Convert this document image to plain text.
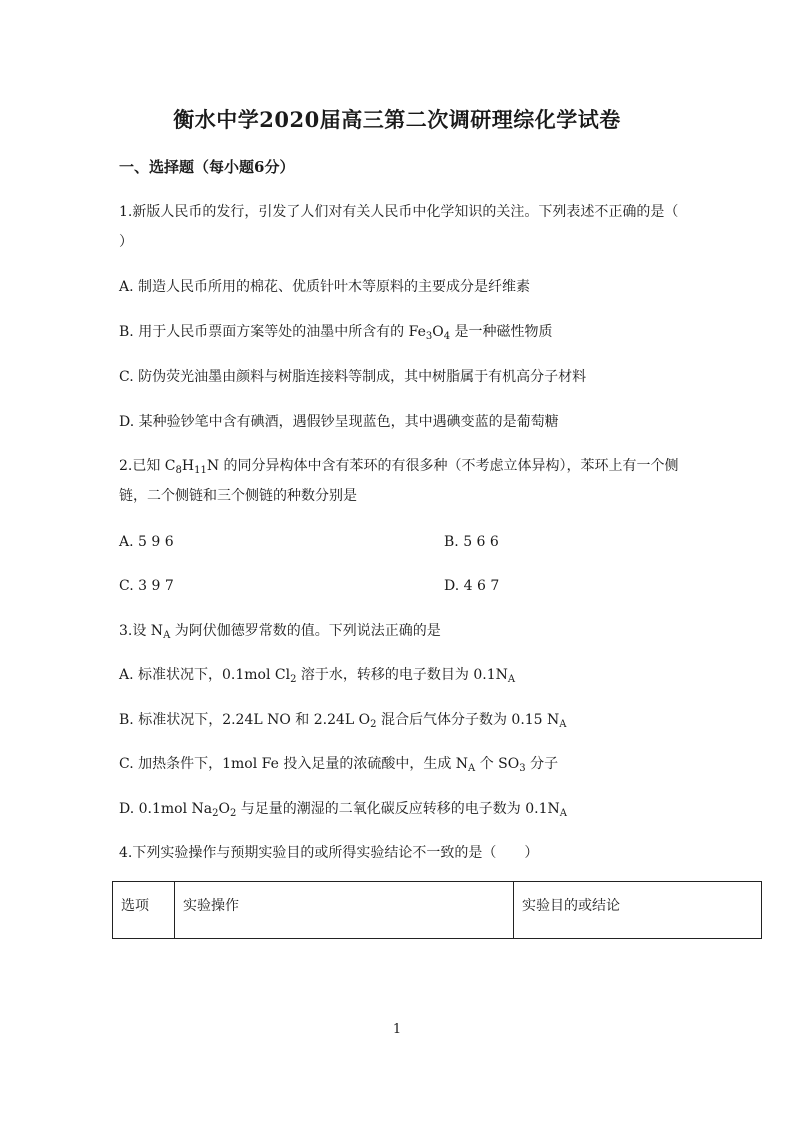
衡水中学2020届高三第二次调研理综化学试卷
一、选择题（每小题6分）
1.新版人民币的发行，引发了人们对有关人民币中化学知识的关注。下列表述不正确的是（
）
A. 制造人民币所用的棉花、优质针叶木等原料的主要成分是纤维素
B. 用于人民币票面方案等处的油墨中所含有的 $Fe_3O_4$ 是一种磁性物质
C. 防伪荧光油墨由颜料与树脂连接料等制成，其中树脂属于有机高分子材料
D. 某种验钞笔中含有碘酒，遇假钞呈现蓝色，其中遇碘变蓝的是葡萄糖
2.已知 $C_8H_{11}N$ 的同分异构体中含有苯环的有很多种（不考虑立体异构），苯环上有一个侧
链，二个侧链和三个侧链的种数分别是
A. 5 9 6	B. 5 6 6
C. 3 9 7	D. 4 6 7
3.设 $N_A$ 为阿伏伽德罗常数的值。下列说法正确的是
A. 标准状况下，0.1mol $Cl_2$ 溶于水，转移的电子数目为 $0.1N_A$
B. 标准状况下，2.24L NO 和 2.24L $O_2$ 混合后气体分子数为 0.15 $N_A$
C. 加热条件下，1mol Fe 投入足量的浓硫酸中，生成 $N_A$ 个 $SO_3$ 分子
D. 0.1mol $Na_2O_2$ 与足量的潮湿的二氧化碳反应转移的电子数为 $0.1N_A$
4.下列实验操作与预期实验目的或所得实验结论不一致的是（　　）
选项	实验操作	实验目的或结论
1
